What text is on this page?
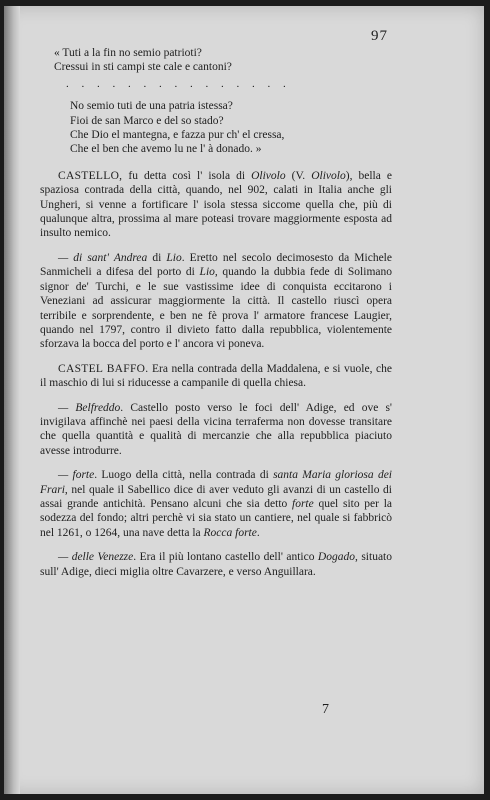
97

« Tuti a la fin no semio patrioti?

Cressui in sti campi ste cale e cantoni?

. . . . . . . . . . . . . . .

No semio tuti de una patria istessa?

Fioi de san Marco e del so stado?

Che Dio el mantegna, e fazza pur ch' el cressa,

Che el ben che avemo lu ne l' à donado. »

CASTELLO, fu detta così l' isola di Olivolo (V. Olivolo), bella e spaziosa contrada della città, quando, nel 902, calati in Italia anche gli Ungheri, si venne a fortificare l' isola stessa siccome quella che, più di qualunque altra, prossima al mare poteasi trovare maggiormente esposta ad insulto nemico.

— di sant' Andrea di Lio. Eretto nel secolo decimosesto da Michele Sanmicheli a difesa del porto di Lio, quando la dubbia fede di Solimano signor de' Turchi, e le sue vastissime idee di conquista eccitarono i Veneziani ad assicurar maggiormente la città. Il castello riuscì opera terribile e sorprendente, e ben ne fè prova l' armatore francese Laugier, quando nel 1797, contro il divieto fatto dalla repubblica, violentemente sforzava la bocca del porto e l' ancora vi poneva.

CASTEL BAFFO. Era nella contrada della Maddalena, e si vuole, che il maschio di lui si riducesse a campanile di quella chiesa.

— Belfreddo. Castello posto verso le foci dell' Adige, ed ove s' invigilava affinchè nei paesi della vicina terraferma non dovesse transitare che quella quantità e qualità di mercanzie che alla repubblica piaciuto avesse introdurre.

— forte. Luogo della città, nella contrada di santa Maria gloriosa dei Frari, nel quale il Sabellico dice di aver veduto gli avanzi di un castello di assai grande antichità. Pensano alcuni che sia detto forte quel sito per la sodezza del fondo; altri perchè vi sia stato un cantiere, nel quale si fabbricò nel 1261, o 1264, una nave detta la Rocca forte.

— delle Venezze. Era il più lontano castello dell' antico Dogado, situato sull' Adige, dieci miglia oltre Cavarzere, e verso Anguillara.

7
